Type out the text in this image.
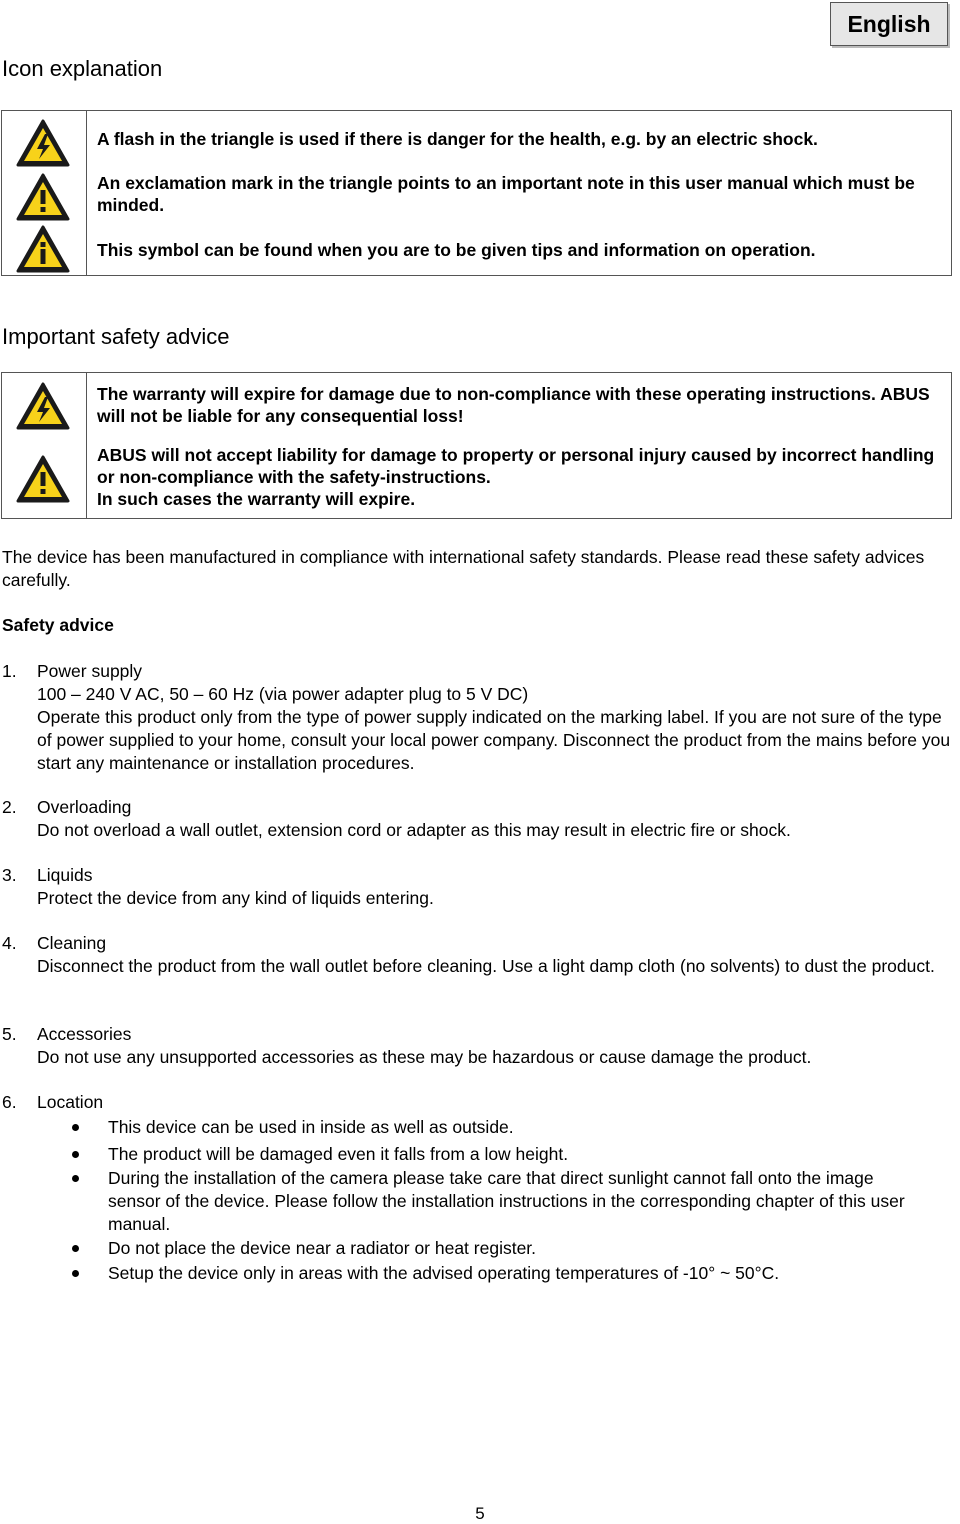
English
Icon explanation
A flash in the triangle is used if there is danger for the health, e.g. by an electric shock.
An exclamation mark in the triangle points to an important note in this user manual which must be minded.
This symbol can be found when you are to be given tips and information on operation.
Important safety advice
The warranty will expire for damage due to non-compliance with these operating instructions. ABUS will not be liable for any consequential loss!
ABUS will not accept liability for damage to property or personal injury caused by incorrect handling or non-compliance with the safety-instructions.
In such cases the warranty will expire.
The device has been manufactured in compliance with international safety standards. Please read these safety advices carefully.
Safety advice
1. Power supply
100 – 240 V AC, 50 – 60 Hz (via power adapter plug to 5 V DC)
Operate this product only from the type of power supply indicated on the marking label. If you are not sure of the type of power supplied to your home, consult your local power company. Disconnect the product from the mains before you start any maintenance or installation procedures.
2. Overloading
Do not overload a wall outlet, extension cord or adapter as this may result in electric fire or shock.
3. Liquids
Protect the device from any kind of liquids entering.
4. Cleaning
Disconnect the product from the wall outlet before cleaning. Use a light damp cloth (no solvents) to dust the product.
5. Accessories
Do not use any unsupported accessories as these may be hazardous or cause damage the product.
6. Location
This device can be used in inside as well as outside.
The product will be damaged even it falls from a low height.
During the installation of the camera please take care that direct sunlight cannot fall onto the image sensor of the device. Please follow the installation instructions in the corresponding chapter of this user manual.
Do not place the device near a radiator or heat register.
Setup the device only in areas with the advised operating temperatures of -10° ~ 50°C.
5
